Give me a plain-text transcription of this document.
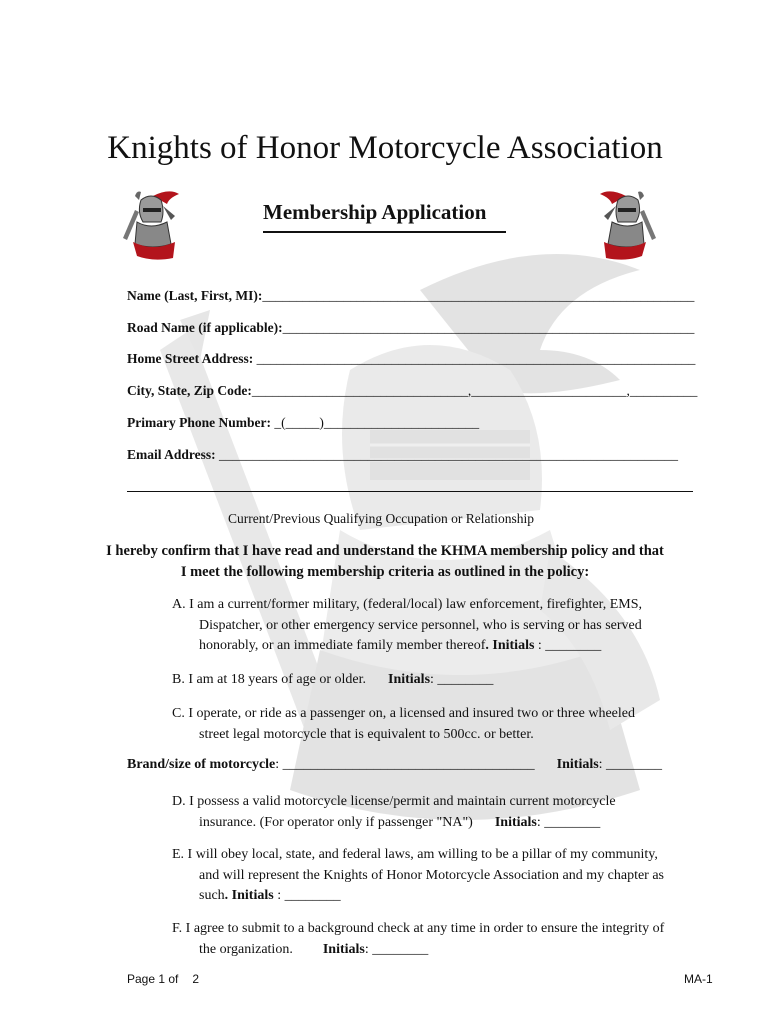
Knights of Honor Motorcycle Association
Membership Application
Name (Last, First, MI):________________________________________________________________
Road Name (if applicable):_____________________________________________________________
Home Street Address: _________________________________________________________________
City, State, Zip Code:________________________________,_______________________,__________
Primary Phone Number: _(_____)_______________________
Email Address: ____________________________________________________________________
Current/Previous Qualifying Occupation or Relationship
I hereby confirm that I have read and understand the KHMA membership policy and that
I meet the following membership criteria as outlined in the policy:
A. I am a current/former military, (federal/local) law enforcement, firefighter, EMS,
Dispatcher, or other emergency service personnel, who is serving or has served
honorably, or an immediate family member thereof. Initials : ________
B. I am at 18 years of age or older. Initials: ________
C. I operate, or ride as a passenger on, a licensed and insured two or three wheeled
street legal motorcycle that is equivalent to 500cc. or better.
Brand/size of motorcycle: ____________________________________ Initials: ________
D. I possess a valid motorcycle license/permit and maintain current motorcycle
insurance. (For operator only if passenger "NA") Initials: ________
E. I will obey local, state, and federal laws, am willing to be a pillar of my community,
and will represent the Knights of Honor Motorcycle Association and my chapter as
such. Initials : ________
F. I agree to submit to a background check at any time in order to ensure the integrity of
the organization. Initials: ________
Page 1 of 2	MA-1
